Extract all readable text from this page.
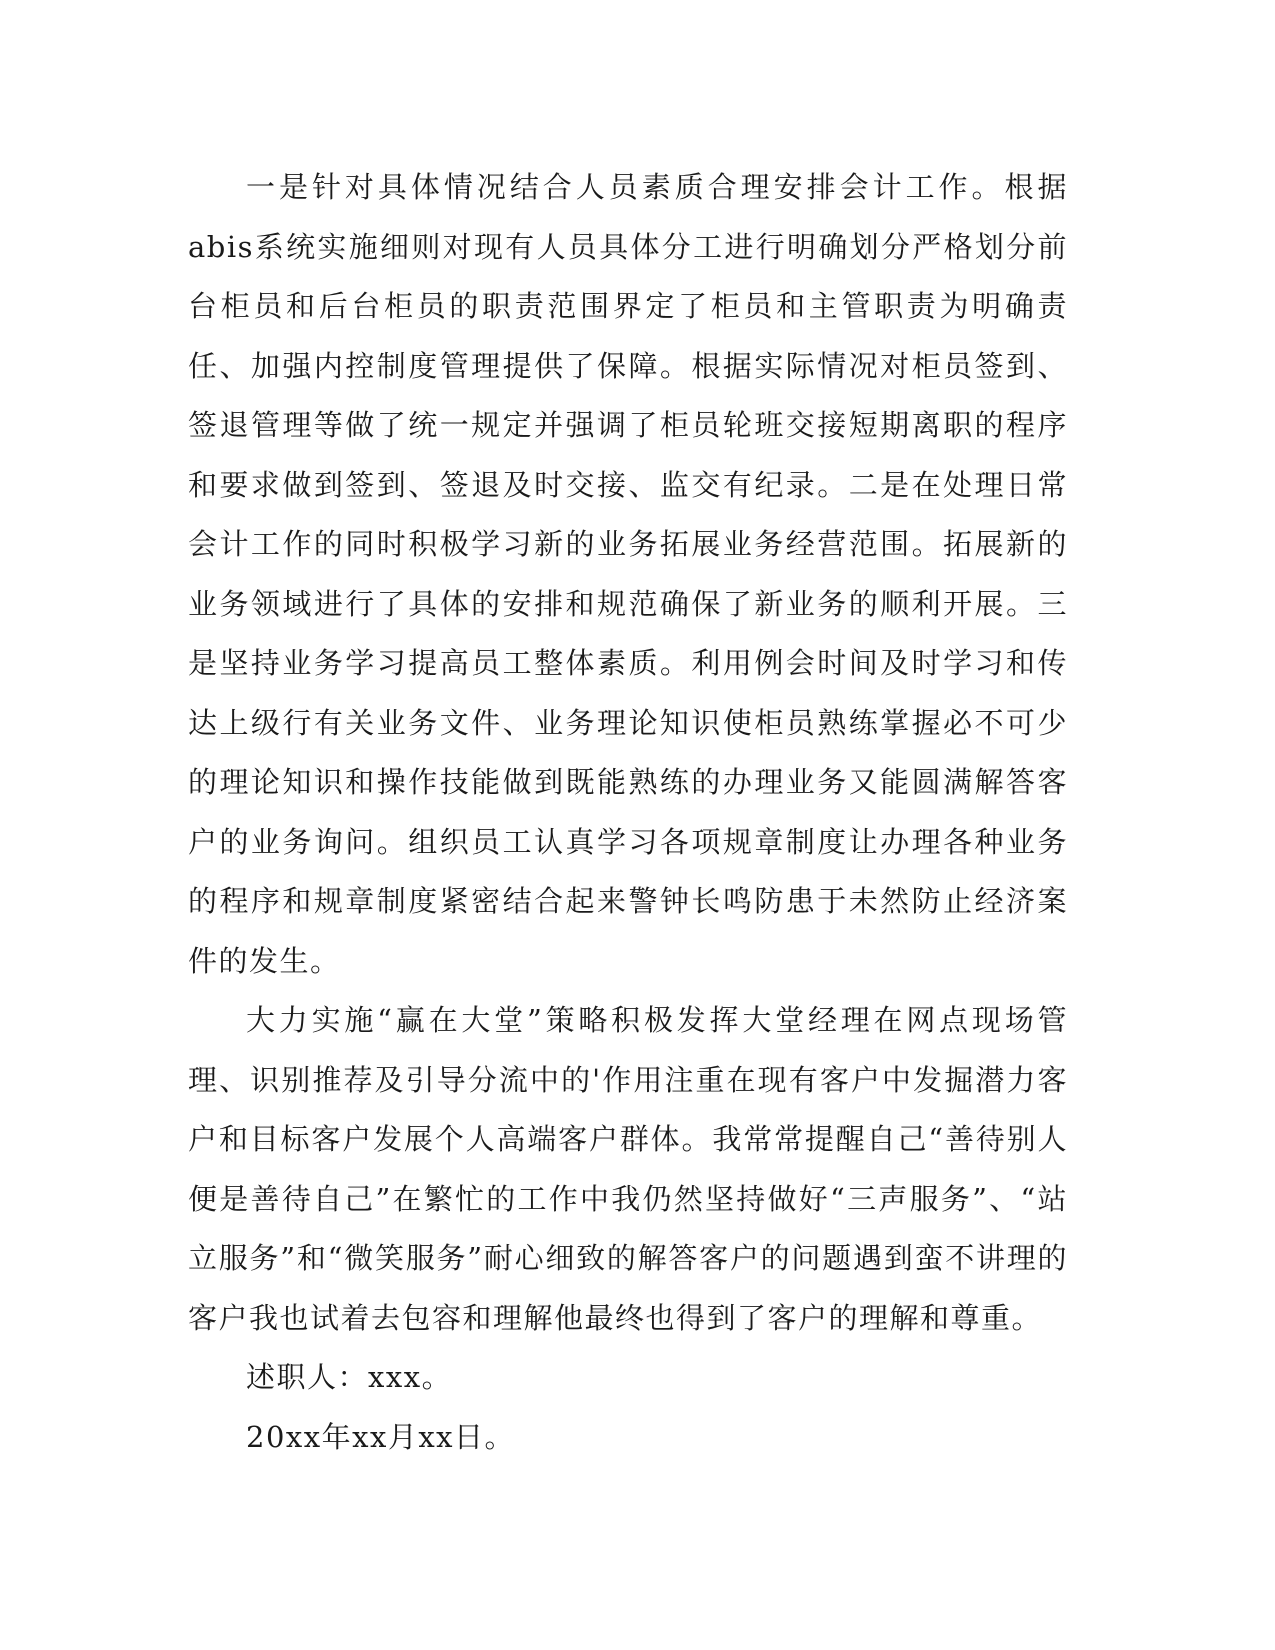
一是针对具体情况结合人员素质合理安排会计工作。根据abis系统实施细则对现有人员具体分工进行明确划分严格划分前台柜员和后台柜员的职责范围界定了柜员和主管职责为明确责任、加强内控制度管理提供了保障。根据实际情况对柜员签到、签退管理等做了统一规定并强调了柜员轮班交接短期离职的程序和要求做到签到、签退及时交接、监交有纪录。二是在处理日常会计工作的同时积极学习新的业务拓展业务经营范围。拓展新的业务领域进行了具体的安排和规范确保了新业务的顺利开展。三是坚持业务学习提高员工整体素质。利用例会时间及时学习和传达上级行有关业务文件、业务理论知识使柜员熟练掌握必不可少的理论知识和操作技能做到既能熟练的办理业务又能圆满解答客户的业务询问。组织员工认真学习各项规章制度让办理各种业务的程序和规章制度紧密结合起来警钟长鸣防患于未然防止经济案件的发生。

大力实施“赢在大堂”策略积极发挥大堂经理在网点现场管理、识别推荐及引导分流中的'作用注重在现有客户中发掘潜力客户和目标客户发展个人高端客户群体。我常常提醒自己“善待别人便是善待自己”在繁忙的工作中我仍然坚持做好“三声服务”、“站立服务”和“微笑服务”耐心细致的解答客户的问题遇到蛮不讲理的客户我也试着去包容和理解他最终也得到了客户的理解和尊重。

述职人：xxx。

20xx年xx月xx日。
